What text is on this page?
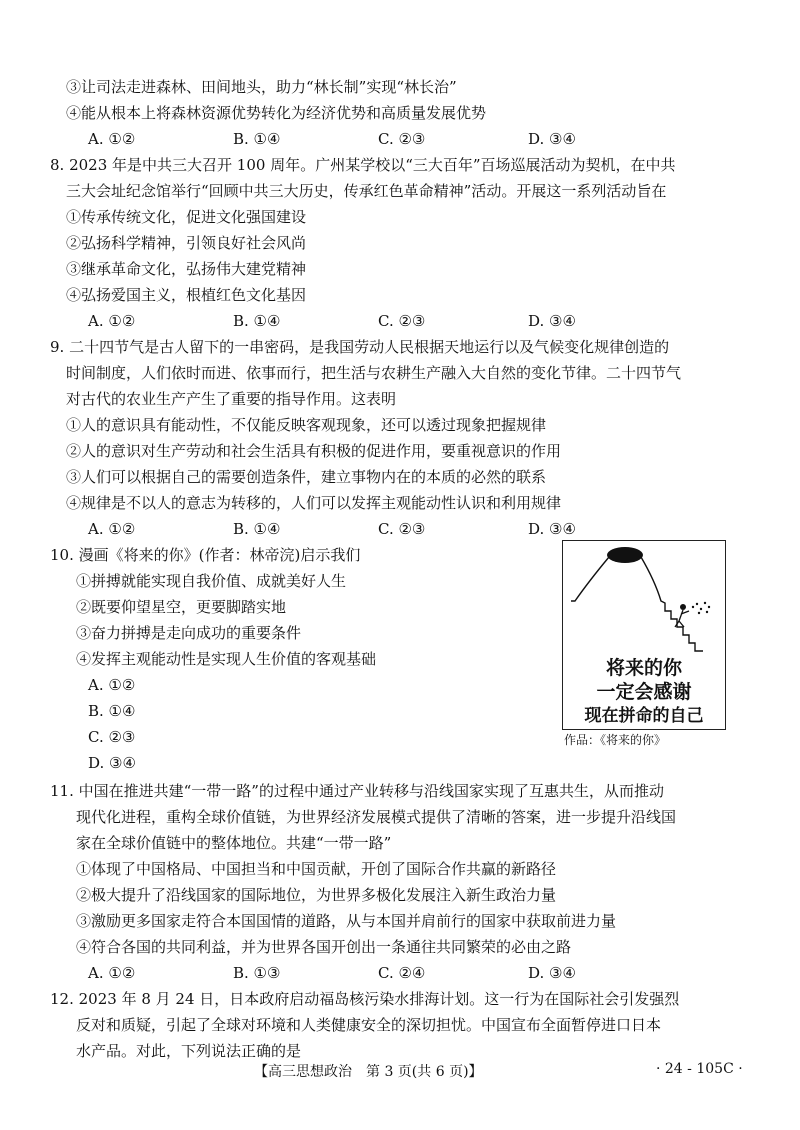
③让司法走进森林、田间地头，助力“林长制”实现“林长治”
④能从根本上将森林资源优势转化为经济优势和高质量发展优势
A. ①②	B. ①④	C. ②③	D. ③④
8. 2023 年是中共三大召开 100 周年。广州某学校以“三大百年”百场巡展活动为契机，在中共
三大会址纪念馆举行“回顾中共三大历史，传承红色革命精神”活动。开展这一系列活动旨在
①传承传统文化，促进文化强国建设
②弘扬科学精神，引领良好社会风尚
③继承革命文化，弘扬伟大建党精神
④弘扬爱国主义，根植红色文化基因
A. ①②	B. ①④	C. ②③	D. ③④
9. 二十四节气是古人留下的一串密码，是我国劳动人民根据天地运行以及气候变化规律创造的
时间制度，人们依时而进、依事而行，把生活与农耕生产融入大自然的变化节律。二十四节气
对古代的农业生产产生了重要的指导作用。这表明
①人的意识具有能动性，不仅能反映客观现象，还可以透过现象把握规律
②人的意识对生产劳动和社会生活具有积极的促进作用，要重视意识的作用
③人们可以根据自己的需要创造条件，建立事物内在的本质的必然的联系
④规律是不以人的意志为转移的，人们可以发挥主观能动性认识和利用规律
A. ①②	B. ①④	C. ②③	D. ③④
10. 漫画《将来的你》(作者：林帝浣)启示我们
①拼搏就能实现自我价值、成就美好人生
②既要仰望星空，更要脚踏实地
③奋力拼搏是走向成功的重要条件
④发挥主观能动性是实现人生价值的客观基础
A. ①②
B. ①④
C. ②③
D. ③④
将来的你
一定会感谢
现在拼命的自己
作品：《将来的你》
11. 中国在推进共建“一带一路”的过程中通过产业转移与沿线国家实现了互惠共生，从而推动
现代化进程，重构全球价值链，为世界经济发展模式提供了清晰的答案，进一步提升沿线国
家在全球价值链中的整体地位。共建“一带一路”
①体现了中国格局、中国担当和中国贡献，开创了国际合作共赢的新路径
②极大提升了沿线国家的国际地位，为世界多极化发展注入新生政治力量
③激励更多国家走符合本国国情的道路，从与本国并肩前行的国家中获取前进力量
④符合各国的共同利益，并为世界各国开创出一条通往共同繁荣的必由之路
A. ①②	B. ①③	C. ②④	D. ③④
12. 2023 年 8 月 24 日，日本政府启动福岛核污染水排海计划。这一行为在国际社会引发强烈
反对和质疑，引起了全球对环境和人类健康安全的深切担忧。中国宣布全面暂停进口日本
水产品。对此，下列说法正确的是
【高三思想政治　第 3 页(共 6 页)】	· 24 - 105C ·
